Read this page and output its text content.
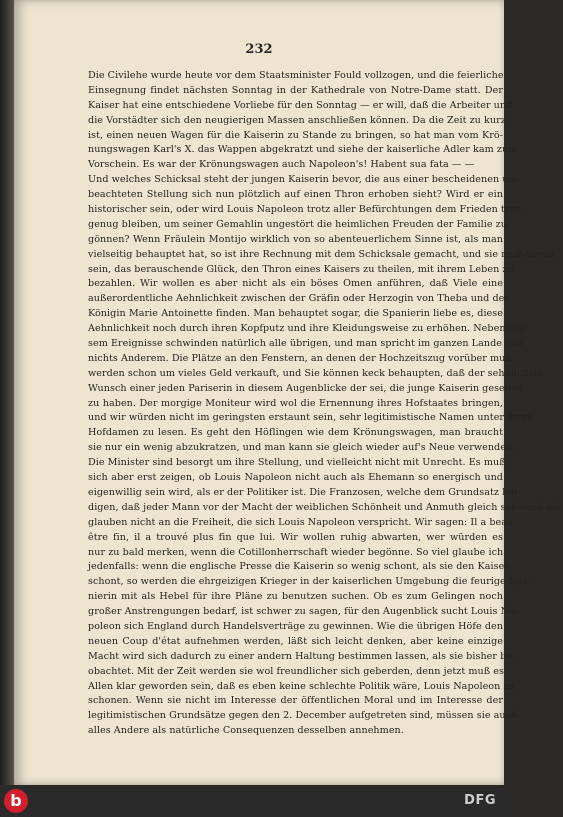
232
Die Civilehe wurde heute vor dem Staatsminister Fould vollzogen, und die feierliche
Einsegnung findet nächsten Sonntag in der Kathedrale von Notre-Dame statt. Der
Kaiser hat eine entschiedene Vorliebe für den Sonntag — er will, daß die Arbeiter und
die Vorstädter sich den neugierigen Massen anschließen können. Da die Zeit zu kurz
ist, einen neuen Wagen für die Kaiserin zu Stande zu bringen, so hat man vom Krö-
nungswagen Karl's X. das Wappen abgekratzt und siehe der kaiserliche Adler kam zum
Vorschein. Es war der Krönungswagen auch Napoleon's! Habent sua fata — —
Und welches Schicksal steht der jungen Kaiserin bevor, die aus einer bescheidenen un-
beachteten Stellung sich nun plötzlich auf einen Thron erhoben sieht? Wird er ein
historischer sein, oder wird Louis Napoleon trotz aller Befürchtungen dem Frieden treu
genug bleiben, um seiner Gemahlin ungestört die heimlichen Freuden der Familie zu
gönnen? Wenn Fräulein Montijo wirklich von so abenteuerlichem Sinne ist, als man
vielseitig behauptet hat, so ist ihre Rechnung mit dem Schicksale gemacht, und sie muß bereit
sein, das berauschende Glück, den Thron eines Kaisers zu theilen, mit ihrem Leben zu
bezahlen. Wir wollen es aber nicht als ein böses Omen anführen, daß Viele eine
außerordentliche Aehnlichkeit zwischen der Gräfin oder Herzogin von Theba und der
Königin Marie Antoinette finden. Man behauptet sogar, die Spanierin liebe es, diese
Aehnlichkeit noch durch ihren Kopfputz und ihre Kleidungsweise zu erhöhen. Neben die-
sem Ereignisse schwinden natürlich alle übrigen, und man spricht im ganzen Lande von
nichts Anderem. Die Plätze an den Fenstern, an denen der Hochzeitszug vorüber muß,
werden schon um vieles Geld verkauft, und Sie können keck behaupten, daß der sehnlichste
Wunsch einer jeden Pariserin in diesem Augenblicke der sei, die junge Kaiserin gesehen
zu haben. Der morgige Moniteur wird wol die Ernennung ihres Hofstaates bringen,
und wir würden nicht im geringsten erstaunt sein, sehr legitimistische Namen unter ihren
Hofdamen zu lesen. Es geht den Höflingen wie dem Krönungswagen, man braucht
sie nur ein wenig abzukratzen, und man kann sie gleich wieder auf's Neue verwenden.
Die Minister sind besorgt um ihre Stellung, und vielleicht nicht mit Unrecht. Es muß
sich aber erst zeigen, ob Louis Napoleon nicht auch als Ehemann so energisch und
eigenwillig sein wird, als er der Politiker ist. Die Franzosen, welche dem Grundsatz hul-
digen, daß jeder Mann vor der Macht der weiblichen Schönheit und Anmuth gleich schwach sei,
glauben nicht an die Freiheit, die sich Louis Napoleon verspricht. Wir sagen: Il a beau
être fin, il a trouvé plus fin que lui. Wir wollen ruhig abwarten, wer würden es
nur zu bald merken, wenn die Cotillonherrschaft wieder begönne. So viel glaube ich
jedenfalls: wenn die englische Presse die Kaiserin so wenig schont, als sie den Kaiser
schont, so werden die ehrgeizigen Krieger in der kaiserlichen Umgebung die feurige Spa-
nierin mit als Hebel für ihre Pläne zu benutzen suchen. Ob es zum Gelingen noch
großer Anstrengungen bedarf, ist schwer zu sagen, für den Augenblick sucht Louis Na-
poleon sich England durch Handelsverträge zu gewinnen. Wie die übrigen Höfe den
neuen Coup d'état aufnehmen werden, läßt sich leicht denken, aber keine einzige
Macht wird sich dadurch zu einer andern Haltung bestimmen lassen, als sie bisher be-
obachtet. Mit der Zeit werden sie wol freundlicher sich geberden, denn jetzt muß es
Allen klar geworden sein, daß es eben keine schlechte Politik wäre, Louis Napoleon zu
schonen. Wenn sie nicht im Interesse der öffentlichen Moral und im Interesse der
legitimistischen Grundsätze gegen den 2. December aufgetreten sind, müssen sie auch
alles Andere als natürliche Consequenzen desselben annehmen.
b	DFG
